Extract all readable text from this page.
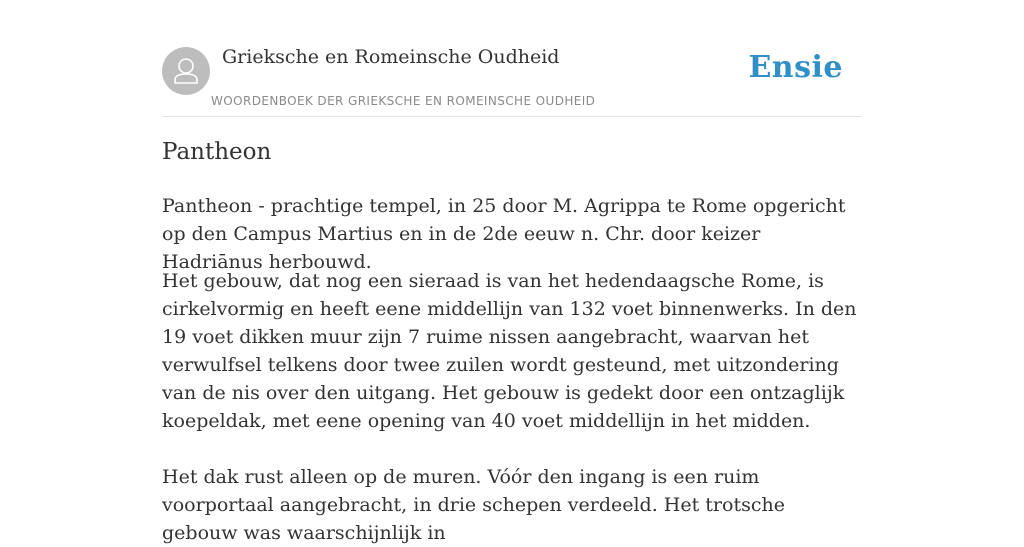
Grieksche en Romeinsche Oudheid
WOORDENBOEK DER GRIEKSCHE EN ROMEINSCHE OUDHEID
Ensie
Pantheon

Pantheon - prachtige tempel, in 25 door M. Agrippa te Rome opgericht op den Campus Martius en in de 2de eeuw n. Chr. door keizer Hadriānus herbouwd.

Het gebouw, dat nog een sieraad is van het hedendaagsche Rome, is cirkelvormig en heeft eene middellijn van 132 voet binnenwerks. In den 19 voet dikken muur zijn 7 ruime nissen aangebracht, waarvan het verwulfsel telkens door twee zuilen wordt gesteund, met uitzondering van de nis over den uitgang. Het gebouw is gedekt door een ontzaglijk koepeldak, met eene opening van 40 voet middellijn in het midden.

Het dak rust alleen op de muren. Vóór den ingang is een ruim voorportaal aangebracht, in drie schepen verdeeld. Het trotsche gebouw was waarschijnlijk in
